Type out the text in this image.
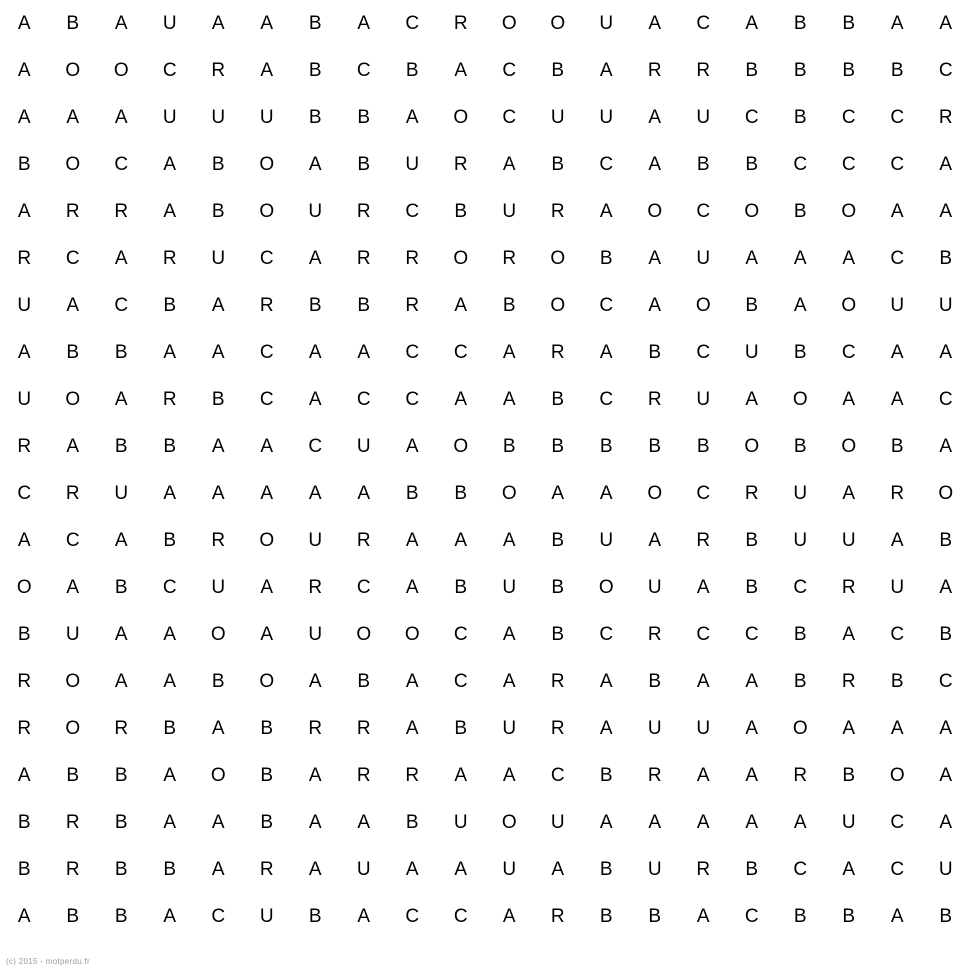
A	B	A	U	A	A	B	A	C	R	O	O	U	A	C	A	B	B	A	A
A	O	O	C	R	A	B	C	B	A	C	B	A	R	R	B	B	B	B	C
A	A	A	U	U	U	B	B	A	O	C	U	U	A	U	C	B	C	C	R
B	O	C	A	B	O	A	B	U	R	A	B	C	A	B	B	C	C	C	A
A	R	R	A	B	O	U	R	C	B	U	R	A	O	C	O	B	O	A	A
R	C	A	R	U	C	A	R	R	O	R	O	B	A	U	A	A	A	C	B
U	A	C	B	A	R	B	B	R	A	B	O	C	A	O	B	A	O	U	U
A	B	B	A	A	C	A	A	C	C	A	R	A	B	C	U	B	C	A	A
U	O	A	R	B	C	A	C	C	A	A	B	C	R	U	A	O	A	A	C
R	A	B	B	A	A	C	U	A	O	B	B	B	B	B	O	B	O	B	A
C	R	U	A	A	A	A	A	B	B	O	A	A	O	C	R	U	A	R	O
A	C	A	B	R	O	U	R	A	A	A	B	U	A	R	B	U	U	A	B
O	A	B	C	U	A	R	C	A	B	U	B	O	U	A	B	C	R	U	A
B	U	A	A	O	A	U	O	O	C	A	B	C	R	C	C	B	A	C	B
R	O	A	A	B	O	A	B	A	C	A	R	A	B	A	A	B	R	B	C
R	O	R	B	A	B	R	R	A	B	U	R	A	U	U	A	O	A	A	A
A	B	B	A	O	B	A	R	R	A	A	C	B	R	A	A	R	B	O	A
B	R	B	A	A	B	A	A	B	U	O	U	A	A	A	A	A	U	C	A
B	R	B	B	A	R	A	U	A	A	U	A	B	U	R	B	C	A	C	U
A	B	B	A	C	U	B	A	C	C	A	R	B	B	A	C	B	B	A	B
(c) 2015 - motperdu.fr
